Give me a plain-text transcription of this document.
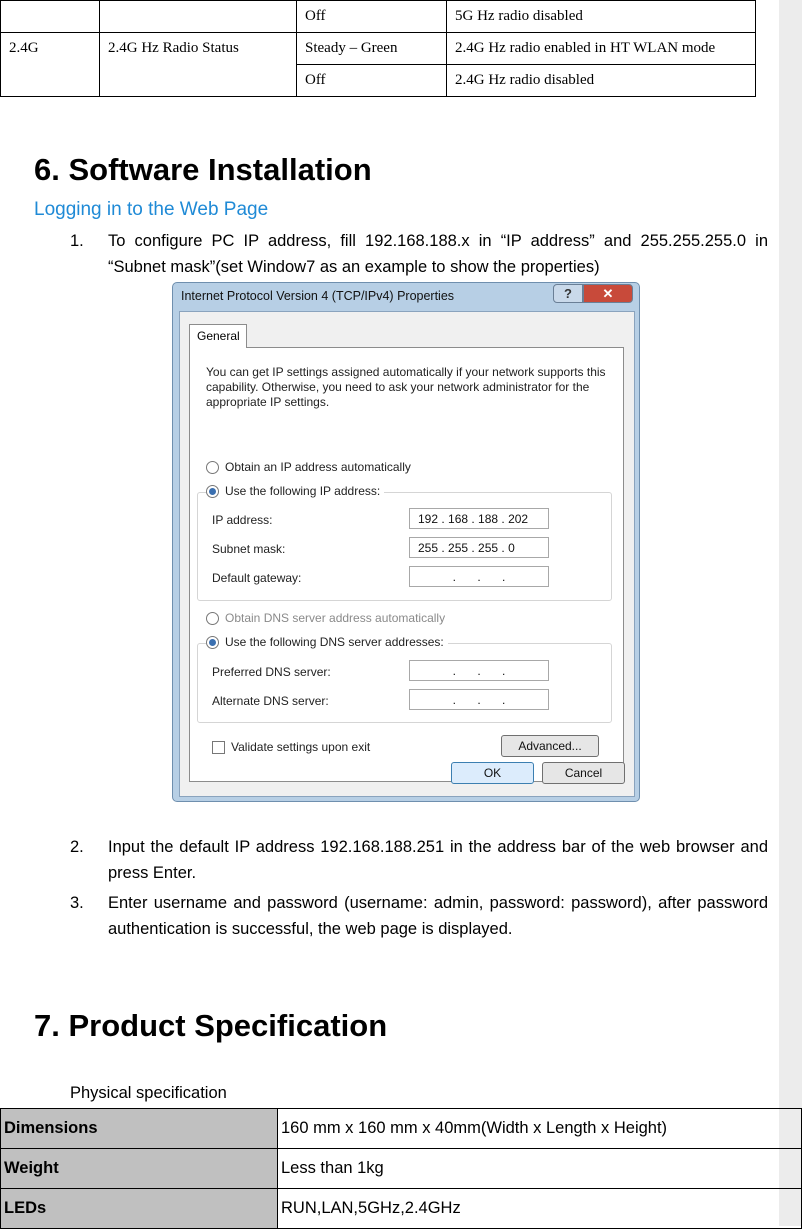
		Off	5G Hz radio disabled
2.4G	2.4G Hz Radio Status	Steady – Green	2.4G Hz radio enabled in HT WLAN mode
		Off	2.4G Hz radio disabled
6. Software Installation
Logging in to the Web Page
1. To configure PC IP address, fill 192.168.188.x in “IP address” and 255.255.255.0 in “Subnet mask”(set Window7 as an example to show the properties)
Internet Protocol Version 4 (TCP/IPv4) Properties	?	✕
General
You can get IP settings assigned automatically if your network supports this capability. Otherwise, you need to ask your network administrator for the appropriate IP settings.
Obtain an IP address automatically
Use the following IP address:
IP address:	192 . 168 . 188 . 202
Subnet mask:	255 . 255 . 255 . 0
Default gateway:	. . .
Obtain DNS server address automatically
Use the following DNS server addresses:
Preferred DNS server:	. . .
Alternate DNS server:	. . .
Validate settings upon exit	Advanced...
OK	Cancel
2. Input the default IP address 192.168.188.251 in the address bar of the web browser and press Enter.
3. Enter username and password (username: admin, password: password), after password authentication is successful, the web page is displayed.
7. Product Specification
Physical specification
Dimensions	160 mm x 160 mm x 40mm(Width x Length x Height)
Weight	Less than 1kg
LEDs	RUN,LAN,5GHz,2.4GHz
